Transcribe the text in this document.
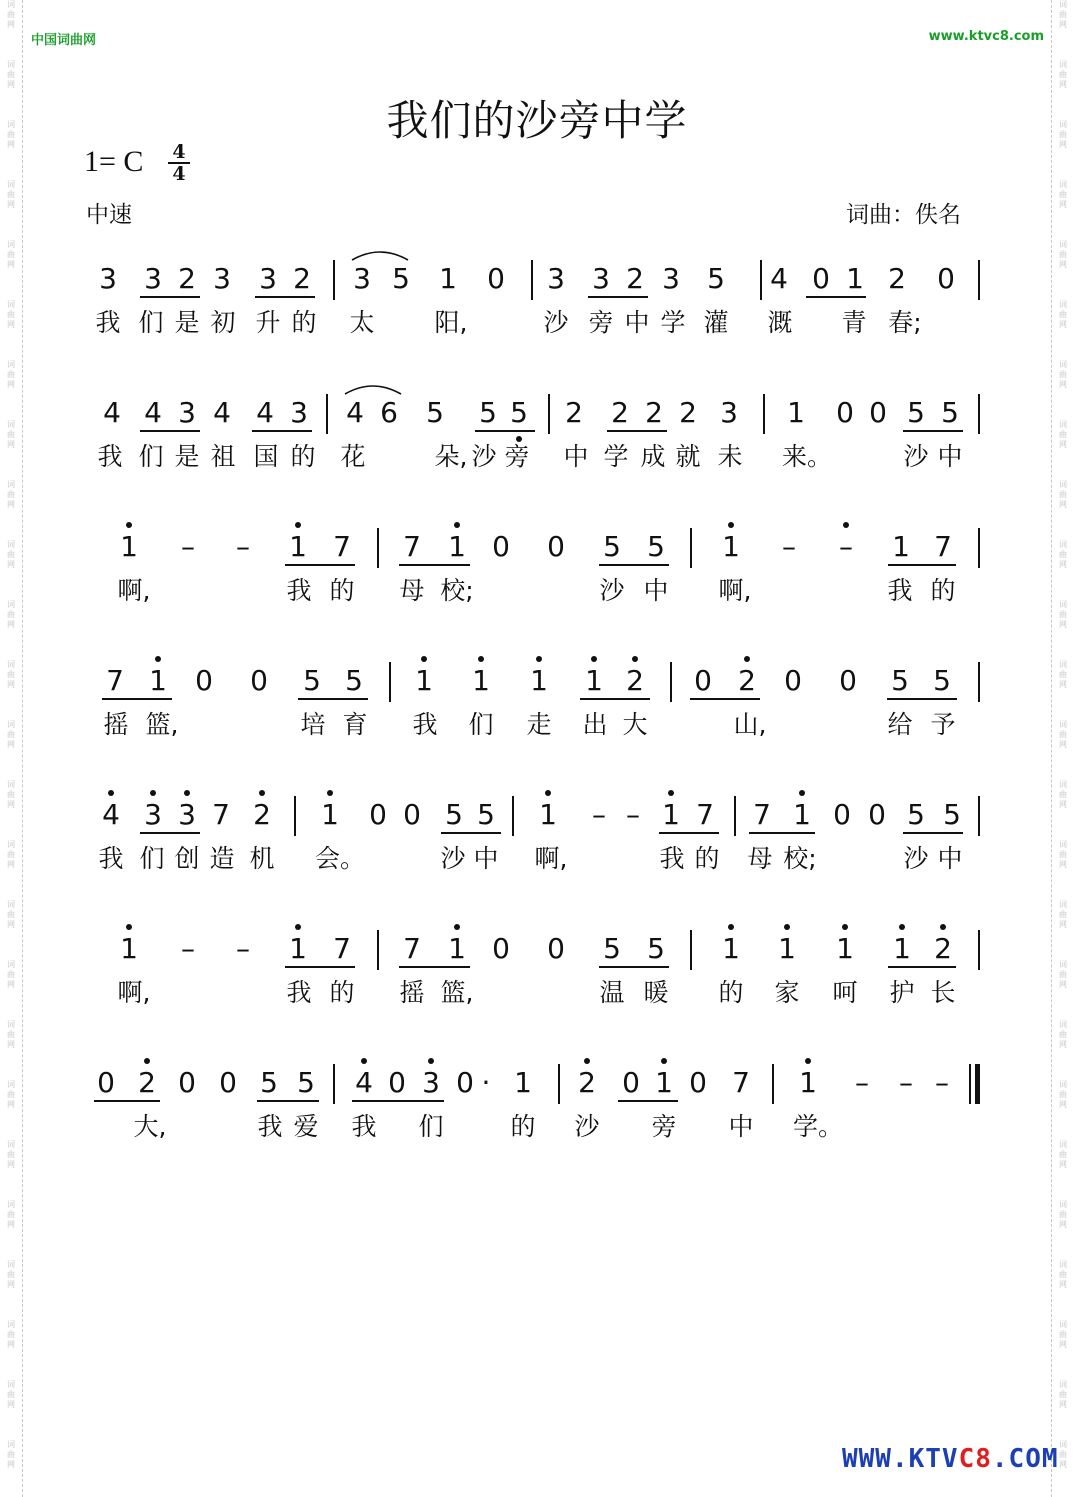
词
曲
网
词
曲
网
词
曲
网
词
曲
网
词
曲
网
词
曲
网
词
曲
网
词
曲
网
词
曲
网
词
曲
网
词
曲
网
词
曲
网
词
曲
网
词
曲
网
词
曲
网
词
曲
网
词
曲
网
词
曲
网
词
曲
网
词
曲
网
词
曲
网
词
曲
网
词
曲
网
词
曲
网
词
曲
网
词
曲
网
词
曲
网
词
曲
网
词
曲
网
词
曲
网
词
曲
网
词
曲
网
词
曲
网
词
曲
网
词
曲
网
词
曲
网
词
曲
网
词
曲
网
词
曲
网
词
曲
网
词
曲
网
词
曲
网
词
曲
网
词
曲
网
词
曲
网
词
曲
网
词
曲
网
词
曲
网
词
曲
网
词
曲
网
中国词曲网	www.ktvc8.com
我们的沙旁中学
1= C $\frac{4}{4}$
中速	词曲：佚名
3 3 2 3 3 2 3 5 1 0 3 3 2 3 5 4 0 1 2 0
我 们 是 初 升 的 太 阳,	沙 旁 中 学 灌 溉 青 春;
4 4 3 4 4 3 4 6 5 5 5 2 2 2 2 3 1 0 0 5 5
我 们 是 祖 国 的 花	朵, 沙 旁 中 学 成 就 未 来。	沙 中
1 – – 1 7 7 1 0 0 5 5 1 – – 1 7
啊,	我 的 母 校;	沙 中 啊,	我 的
7 1 0 0 5 5 1 1 1 1 2 0 2 0 0 5 5
摇 篮,	培 育 我 们 走 出 大	山,	给 予
4 3 3 7 2 1 0 0 5 5 1 – – 1 7 7 1 0 0 5 5
我 们 创 造 机 会。	沙 中 啊,	我 的 母 校;	沙 中
1 – – 1 7 7 1 0 0 5 5 1 1 1 1 2
啊,	我 的 摇 篮,	温 暖 的 家 呵 护 长
0 2 0 0 5 5 4 0 3 0 · 1 2 0 1 0 7 1 – – –
大,	我 爱 我 们	的 沙 旁 中 学。
WWW.KTVC8.COM
